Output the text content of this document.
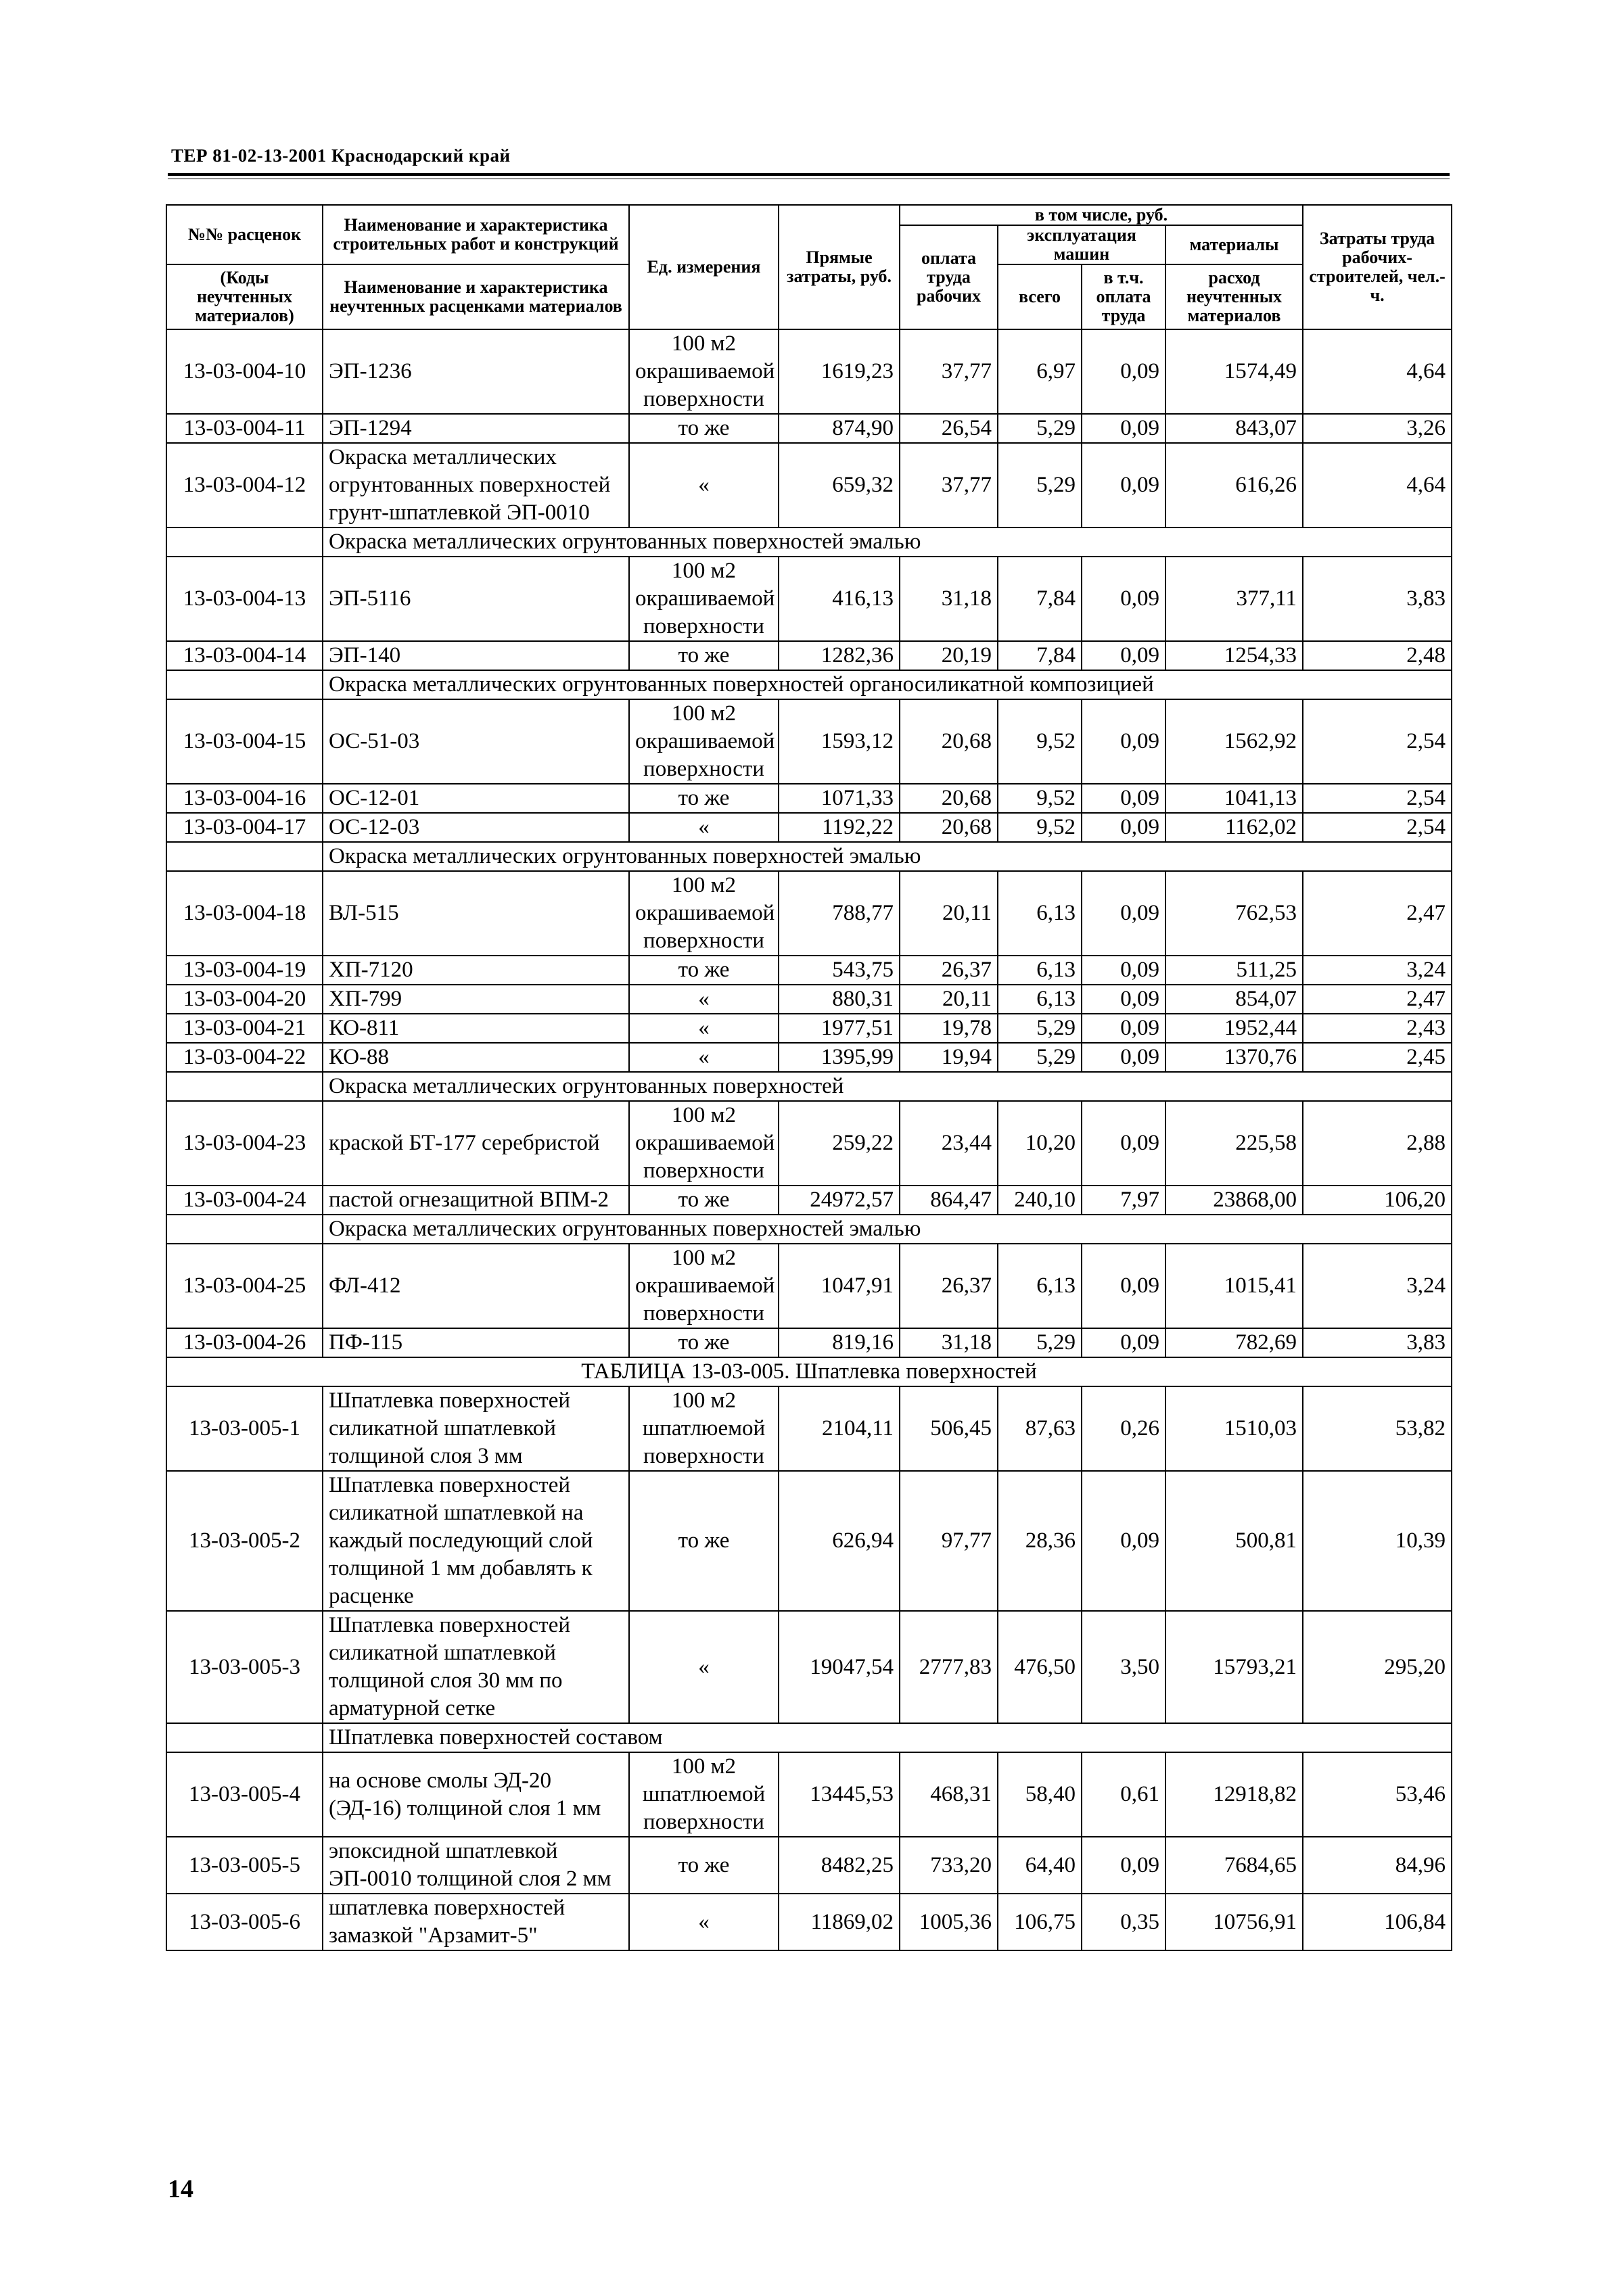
ТЕР 81-02-13-2001 Краснодарский край
№№ расценок	Наименование и характеристика строительных работ и конструкций	Ед. измерения	Прямые затраты, руб.	в том числе, руб.				Затраты труда рабочих-строителей, чел.-ч.
				оплата труда рабочих	эксплуатация машин		материалы	
(Коды неучтенных материалов)	Наименование и характеристика неучтенных расценками материалов				всего	в т.ч. оплата труда	расход неучтенных материалов	

13-03-004-10	ЭП-1236	100 м2 окрашиваемой поверхности	1619,23	37,77	6,97	0,09	1574,49	4,64
13-03-004-11	ЭП-1294	то же	874,90	26,54	5,29	0,09	843,07	3,26
13-03-004-12	Окраска металлических огрунтованных поверхностей грунт-шпатлевкой ЭП-0010	«	659,32	37,77	5,29	0,09	616,26	4,64
	Окраска металлических огрунтованных поверхностей эмалью							
13-03-004-13	ЭП-5116	100 м2 окрашиваемой поверхности	416,13	31,18	7,84	0,09	377,11	3,83
13-03-004-14	ЭП-140	то же	1282,36	20,19	7,84	0,09	1254,33	2,48
	Окраска металлических огрунтованных поверхностей органосиликатной композицией							
13-03-004-15	ОС-51-03	100 м2 окрашиваемой поверхности	1593,12	20,68	9,52	0,09	1562,92	2,54
13-03-004-16	ОС-12-01	то же	1071,33	20,68	9,52	0,09	1041,13	2,54
13-03-004-17	ОС-12-03	«	1192,22	20,68	9,52	0,09	1162,02	2,54
	Окраска металлических огрунтованных поверхностей эмалью							
13-03-004-18	ВЛ-515	100 м2 окрашиваемой поверхности	788,77	20,11	6,13	0,09	762,53	2,47
13-03-004-19	ХП-7120	то же	543,75	26,37	6,13	0,09	511,25	3,24
13-03-004-20	ХП-799	«	880,31	20,11	6,13	0,09	854,07	2,47
13-03-004-21	КО-811	«	1977,51	19,78	5,29	0,09	1952,44	2,43
13-03-004-22	КО-88	«	1395,99	19,94	5,29	0,09	1370,76	2,45
	Окраска металлических огрунтованных поверхностей							
13-03-004-23	краской БТ-177 серебристой	100 м2 окрашиваемой поверхности	259,22	23,44	10,20	0,09	225,58	2,88
13-03-004-24	пастой огнезащитной ВПМ-2	то же	24972,57	864,47	240,10	7,97	23868,00	106,20
	Окраска металлических огрунтованных поверхностей эмалью							
13-03-004-25	ФЛ-412	100 м2 окрашиваемой поверхности	1047,91	26,37	6,13	0,09	1015,41	3,24
13-03-004-26	ПФ-115	то же	819,16	31,18	5,29	0,09	782,69	3,83
ТАБЛИЦА 13-03-005. Шпатлевка поверхностей								
13-03-005-1	Шпатлевка поверхностей силикатной шпатлевкой толщиной слоя 3 мм	100 м2 шпатлюемой поверхности	2104,11	506,45	87,63	0,26	1510,03	53,82
13-03-005-2	Шпатлевка поверхностей силикатной шпатлевкой на каждый последующий слой толщиной 1 мм добавлять к расценке	то же	626,94	97,77	28,36	0,09	500,81	10,39
13-03-005-3	Шпатлевка поверхностей силикатной шпатлевкой толщиной слоя 30 мм по арматурной сетке	«	19047,54	2777,83	476,50	3,50	15793,21	295,20
	Шпатлевка поверхностей составом							
13-03-005-4	на основе смолы ЭД-20 (ЭД-16) толщиной слоя 1 мм	100 м2 шпатлюемой поверхности	13445,53	468,31	58,40	0,61	12918,82	53,46
13-03-005-5	эпоксидной шпатлевкой ЭП-0010 толщиной слоя 2 мм	то же	8482,25	733,20	64,40	0,09	7684,65	84,96
13-03-005-6	шпатлевка поверхностей замазкой "Арзамит-5"	«	11869,02	1005,36	106,75	0,35	10756,91	106,84
14
